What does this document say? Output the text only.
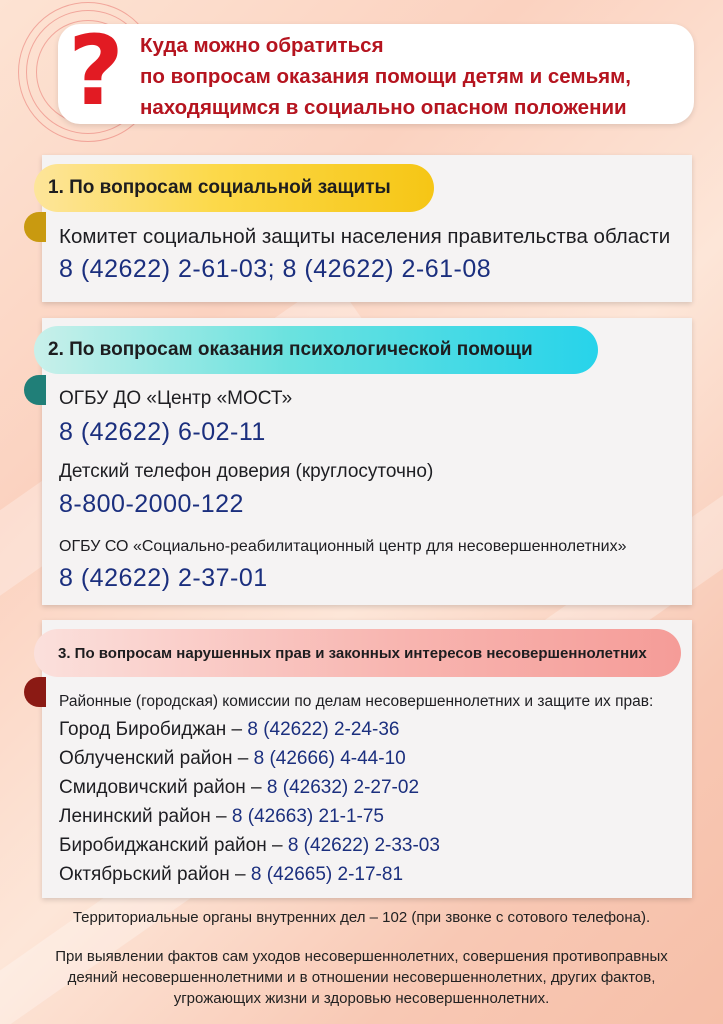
? Куда можно обратиться
по вопросам оказания помощи детям и семьям,
находящимся в социально опасном положении
1. По вопросам социальной защиты
Комитет социальной защиты населения правительства области
8 (42622) 2-61-03; 8 (42622) 2-61-08
2. По вопросам оказания психологической помощи
ОГБУ ДО «Центр «МОСТ»
8 (42622) 6-02-11
Детский телефон доверия (круглосуточно)
8-800-2000-122
ОГБУ СО «Социально-реабилитационный центр для несовершеннолетних»
8 (42622) 2-37-01
3. По вопросам нарушенных прав и законных интересов несовершеннолетних
Районные (городская) комиссии по делам несовершеннолетних и защите их прав:
Город Биробиджан – 8 (42622) 2-24-36
Облученский район – 8 (42666) 4-44-10
Смидовичский район – 8 (42632) 2-27-02
Ленинский район – 8 (42663) 21-1-75
Биробиджанский район – 8 (42622) 2-33-03
Октябрьский район – 8 (42665) 2-17-81
Территориальные органы внутренних дел – 102 (при звонке с сотового телефона).
При выявлении фактов сам уходов несовершеннолетних, совершения противоправных
деяний несовершеннолетними и в отношении несовершеннолетних, других фактов,
угрожающих жизни и здоровью несовершеннолетних.
